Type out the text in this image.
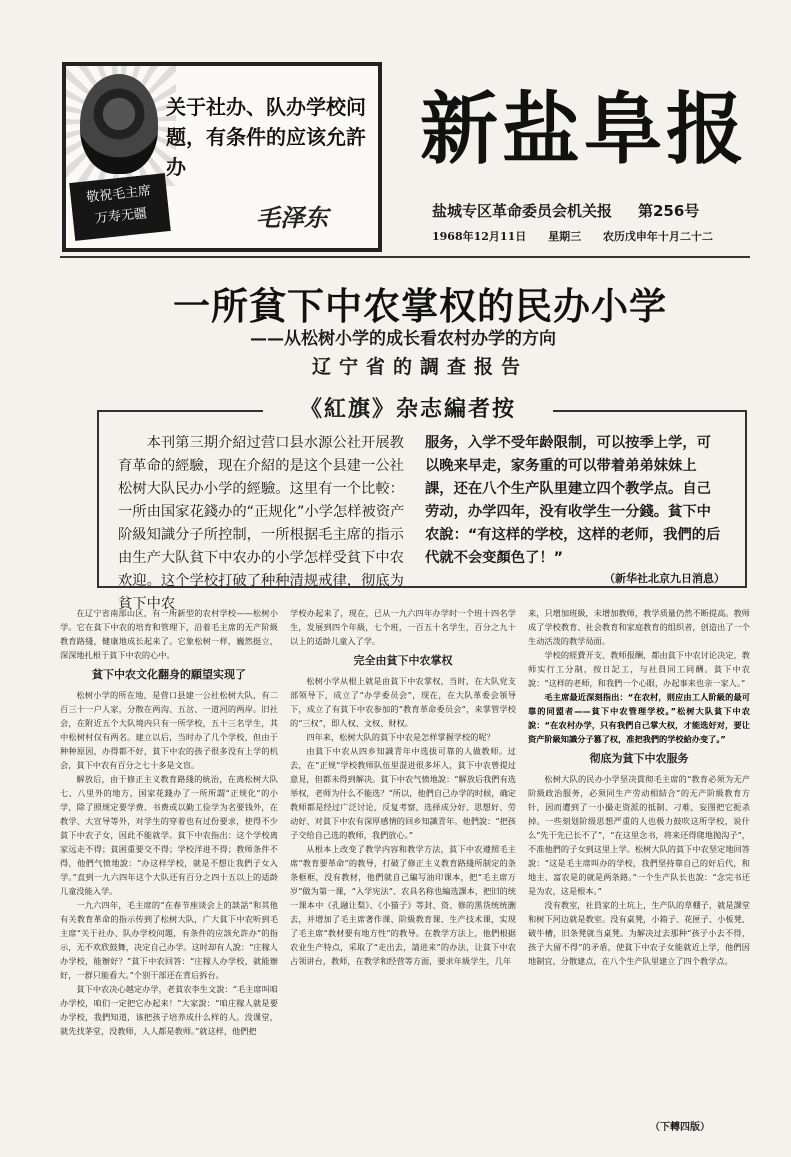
敬祝毛主席
万寿无疆
关于社办、队办学校问题，有条件的应该允許办
毛泽东
新盐阜报
盐城专区革命委员会机关报 第256号
1968年12月11日 星期三 农历戊申年十月二十二
一所貧下中农掌权的民办小学
——从松树小学的成长看农村办学的方向
辽宁省的調查报告
《紅旗》杂志編者按
本刊第三期介紹过营口县水源公社开展教育革命的經驗，现在介紹的是这个县建一公社松树大队民办小学的經驗。这里有一个比較：一所由国家花錢办的“正规化”小学怎样被资产阶級知識分子所控制，一所根据毛主席的指示由生产大队貧下中农办的小学怎样受貧下中农欢迎。这个学校打破了种种清规戒律，彻底为貧下中农
服务，入学不受年龄限制，可以按季上学，可以晚来早走，家务重的可以带着弟弟妹妹上課，还在八个生产队里建立四个教学点。自己劳动，办学四年，没有收学生一分錢。貧下中农說：“有这样的学校，这样的老师，我們的后代就不会变顏色了！”
（新华社北京九日消息）

在辽宁省南部山区，有一所新型的农村学校——松树小学。它在貧下中农的培育和管理下，沿着毛主席的无产阶級教育路綫，健康地成长起来了。它象松树一样，巍然挺立，深深地扎根于貧下中农的心中。

貧下中农文化翻身的願望实现了

松树小学的所在地，是营口县建一公社松树大队，有二百三十一户人家，分散在两沟、五岔、一道河的两岸。旧社会，在附近五个大队境内只有一所学校，五十三名学生，其中松树村仅有两名。建立以后，当时办了几个学校，但由于种种原因，办得都不好，貧下中农的孩子很多没有上学的机会，貧下中农有百分之七十多是文盲。

解放后，由于修正主义教育路綫的統治，在离松树大队七、八里外的地方，国家花錢办了一所所謂“正规化”的小学，除了照规定要学费、书费或以勤工俭学为名要钱外，在教学、大宣导等外，对学生的穿着也有过份要求，使得不少貧下中农子女，因此不能就学。貧下中农指出：这个学校离家远走不得；貧困重要交不得；学校洋进不得；教师条件不得，他們气愤地說：“办这样学校，就是不想让我們子女入学。”直到一九六四年这个大队还有百分之四十五以上的适龄儿童没能入学。

一九六四年，毛主席的“在春节座谈会上的談話”和其他有关教育革命的指示传到了松树大队，广大貧下中农听到毛主席“关于社办、队办学校问題，有条件的应該允許办”的指示，无不欢欣鼓舞，决定自己办学。这时却有人說：“庄稼人办学校，能辦好？”貧下中农回答：“庄稼人办学校，就能辦好，一群只能看大。”个别干部还在背后拆台。

貧下中农决心越定办学，老貧农李生文說：“毛主席叫咱办学校，咱们一定把它办起来！”大家說：“咱庄稼人就是要办学校，我們知道，该把孩子培养成什么样的人。没课堂，就先找茅堂，没教师，人人都是教师。”就这样，他們把

学校办起来了，现在，已从一九六四年办学时一个班十四名学生，发展到四个年級，七个班，一百五十名学生，百分之九十以上的适龄儿童入了学。

完全由貧下中农掌权

松树小学从根上就是由貧下中农掌权，当时，在大队党支部领导下，成立了“办学委员会”，现在，在大队革委会領导下，成立了有貧下中农参加的“教育革命委员会”，来掌管学校的“三权”，即人权、文权、财权。

四年来，松树大队的貧下中农是怎样掌握学校的呢？

由貧下中农从四乡知識青年中选拔可靠的人做教师。过去，在“正规”学校教师队伍里混进很多坏人，貧下中农曾提过意見，但都未得到解决。貧下中农气愤地說：“解放后我們有选举权，老师为什么不能选？”所以，他們自己办学的时候，确定教师都是经过广泛讨论，反复考察，选择成分好、思想好、劳动好、对貧下中农有深厚感情的回乡知識青年。他們說：“把孩子交给自己选的教师，我們放心。”

从根本上改变了教学内容和教学方法，貧下中农遵照毛主席“教育要革命”的教导，打破了修正主义教育路綫所制定的条条框框，没有教材，他們就自己編写油印课本，把“毛主席万岁”做为第一课，“入学宪法”、农具名称也編选課本，把旧的统一课本中《孔融让梨》、《小猫子》等封、资、修的黑货统统删去，并增加了毛主席著作课、阶級教育课、生产技术课，实现了毛主席“教材要有地方性”的教导。在教学方法上，他們根据农业生产特点，采取了“走出去，請进来”的办法，让貧下中农占领讲台，教师，在教学和经营等方面，要求年級学生，几年

来，只增加班級，未增加教师，教学质量仍然不断提高。教师成了学校教育、社会教育和家庭教育的组织者，创造出了一个生动活泼的教学局面。

学校的經費开支、教师报酬，都由貧下中农讨论决定，教师实行工分制，按日記工，与社員同工同酬。貧下中农說：“这样的老师，和我們一个心眼，办起事来也亲一家人。”

毛主席最近深刻指出：“在农村，则应由工人阶級的最可靠的同盟者——貧下中农管理学校。”松树大队貧下中农說：“在农村办学，只有我們自己掌大权，才能选好对，要让资产阶級知識分子篡了权，准把我們的学校給办变了。”

彻底为貧下中农服务

松树大队的民办小学坚决貫彻毛主席的“教育必须为无产阶級政治服务，必须同生产劳动相結合”的无产阶級教育方针，因而遭到了一小撮走资派的抵制、刁难，妄图把它扼杀掉。一些刻划阶级思想严重的人也极力鼓吹这所学校，说什么“先干先已长不了”，“在这里念书，将来还得爬地抛沟子”，不准他們的子女到这里上学。松树大队的貧下中农坚定地回答說：“这是毛主席叫办的学校，我們坚持靠自己的好后代，和地主、富农是的就是两条路。”一个生产队长也說：“念完书还是为农，这是根本。”

没有教室，社員家的土坑上，生产队的草棚子，就是課堂和树下河边就是教室。没有桌凳，小箱子、花匣子、小板凳、破牛槽，旧条凳就当桌凳。为解决过去那种“孩子小去不得，孩子大留不得”的矛盾，使貧下中农子女能就近上学，他們因地制宜，分散建点，在八个生产队里建立了四个教学点。

（下轉四版）
